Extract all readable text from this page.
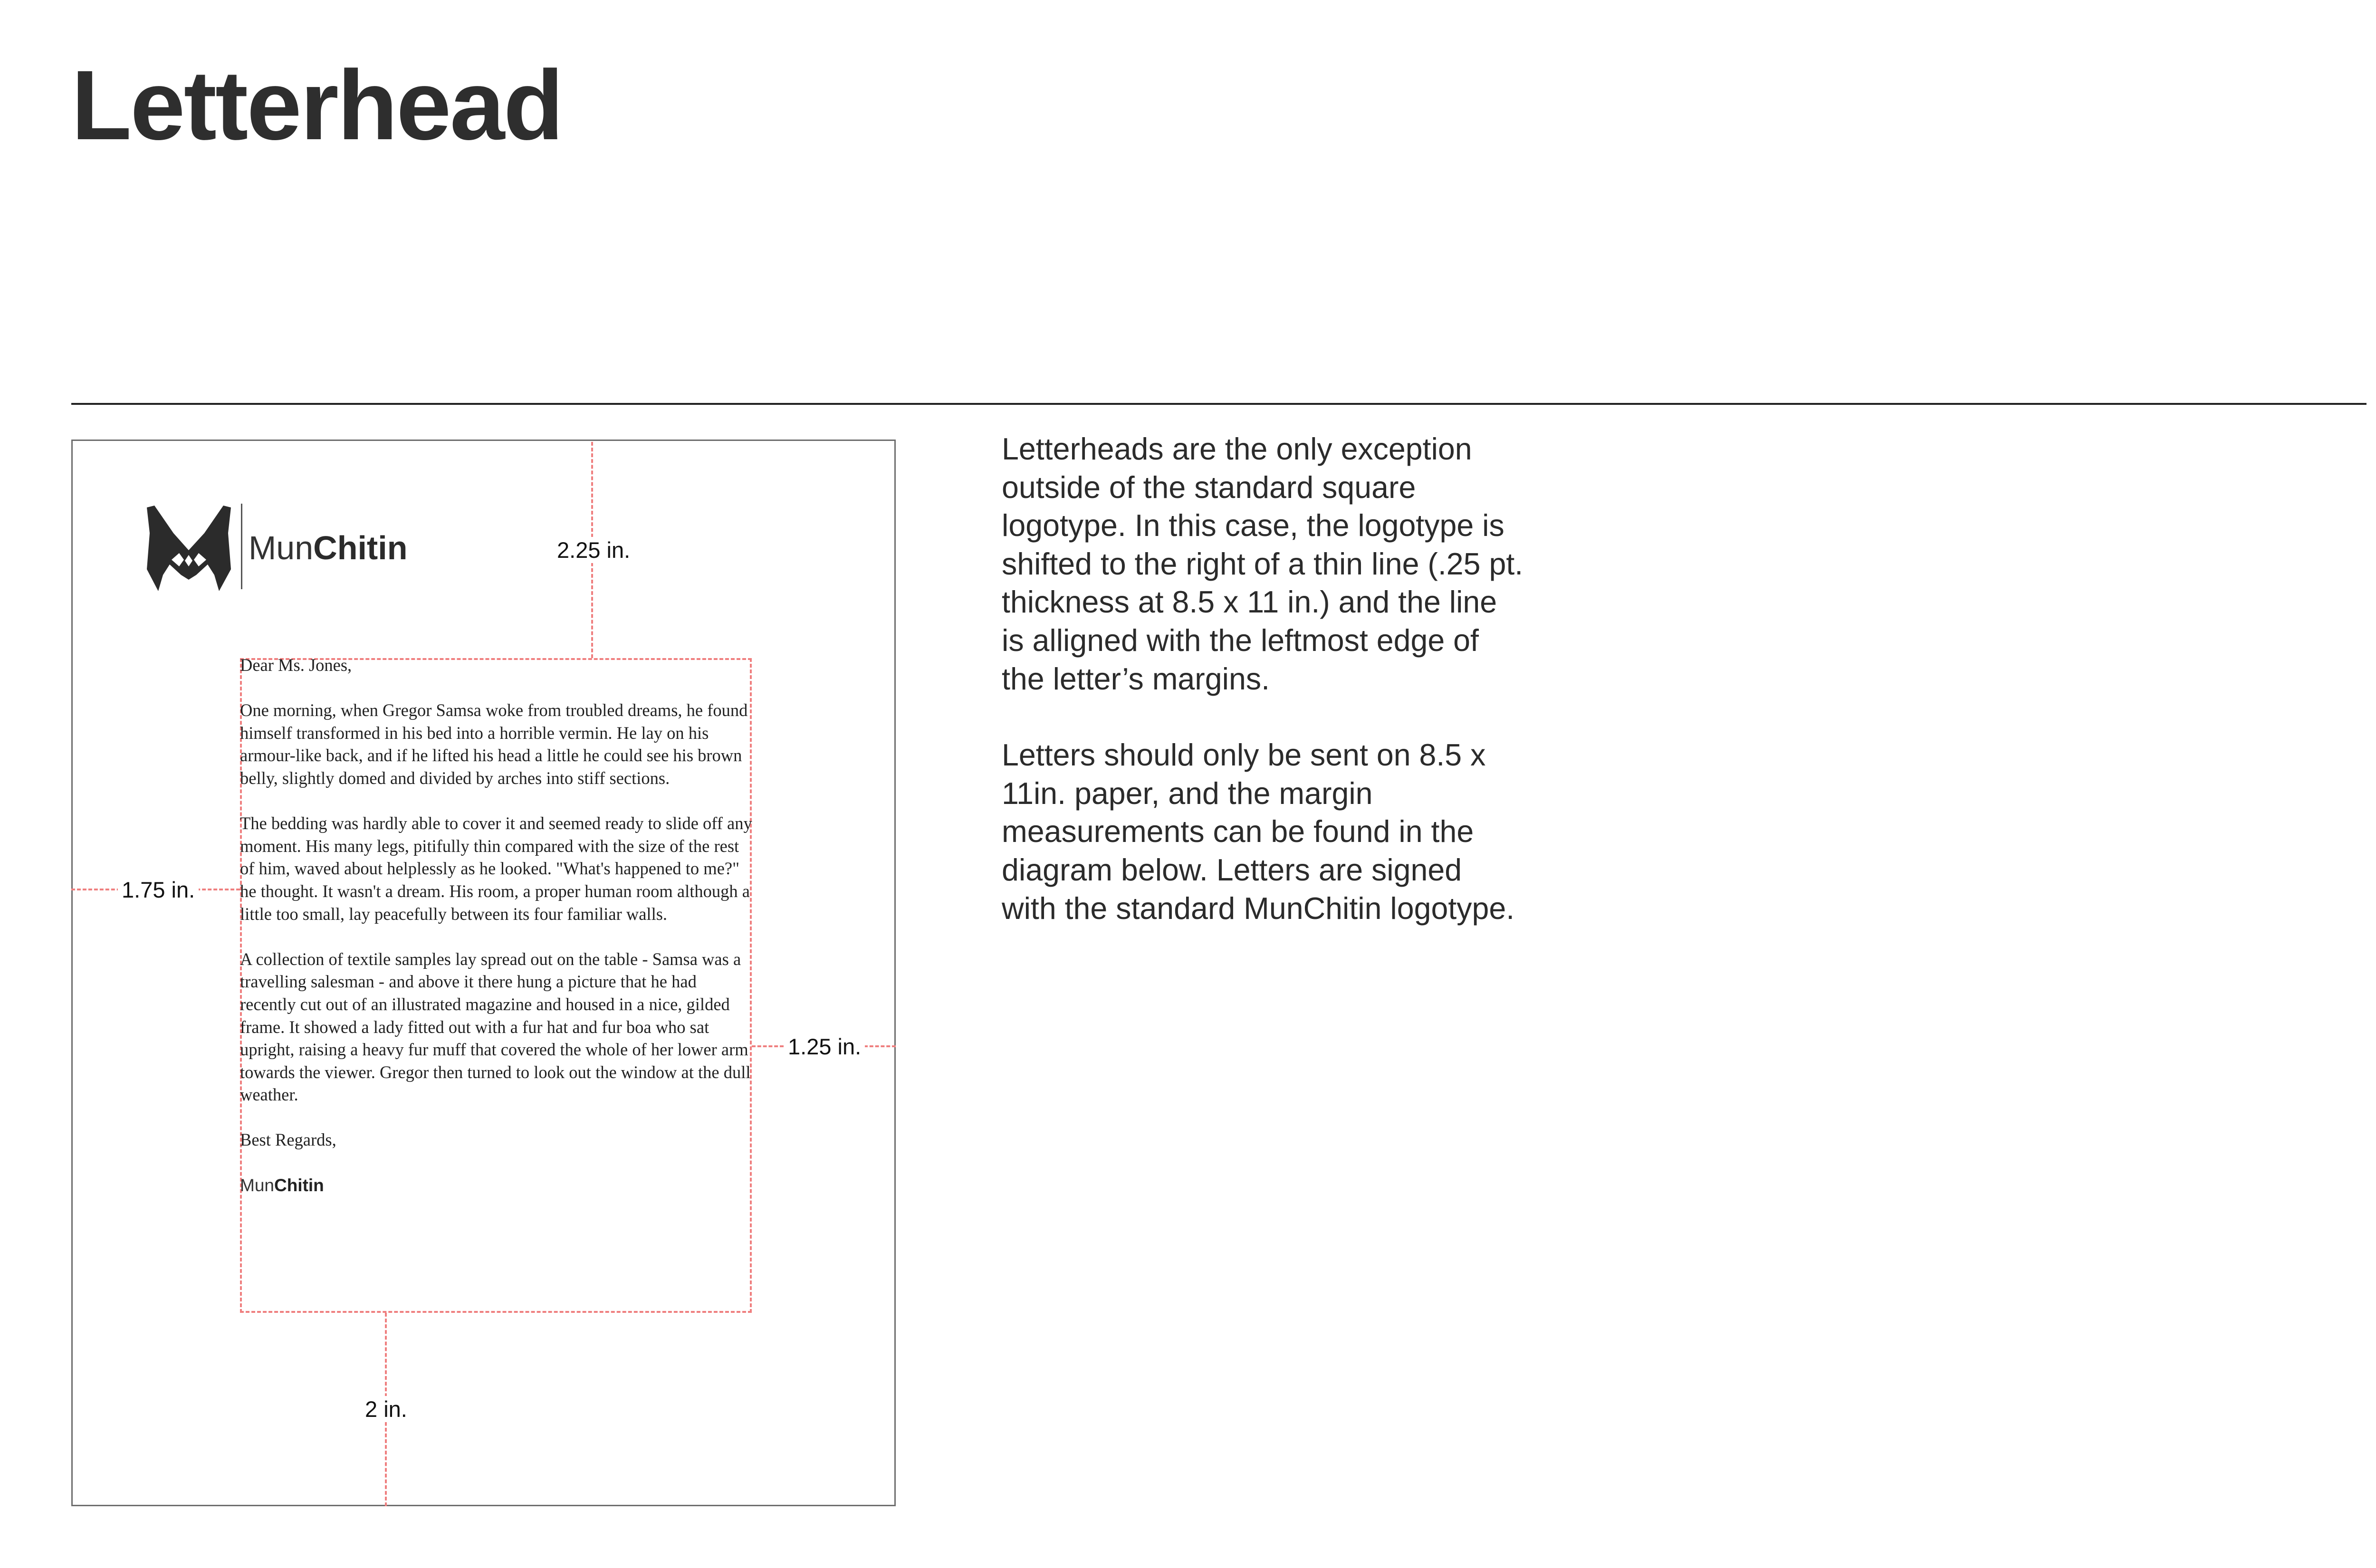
Letterhead
2.25 in.
1.75 in.
1.25 in.
2 in.
MunChitin

Dear Ms. Jones,

One morning, when Gregor Samsa woke from troubled dreams, he found himself transformed in his bed into a horrible vermin. He lay on his armour-like back, and if he lifted his head a little he could see his brown belly, slightly domed and divided by arches into stiff sections.

The bedding was hardly able to cover it and seemed ready to slide off any moment. His many legs, pitifully thin compared with the size of the rest of him, waved about helplessly as he looked. "What's happened to me?" he thought. It wasn't a dream. His room, a proper human room although a little too small, lay peacefully between its four familiar walls.

A collection of textile samples lay spread out on the table - Samsa was a travelling salesman - and above it there hung a picture that he had recently cut out of an illustrated magazine and housed in a nice, gilded frame. It showed a lady fitted out with a fur hat and fur boa who sat upright, raising a heavy fur muff that covered the whole of her lower arm towards the viewer. Gregor then turned to look out the window at the dull weather.

Best Regards,

MunChitin

Letterheads are the only exception outside of the standard square logotype. In this case, the logotype is shifted to the right of a thin line (.25 pt. thickness at 8.5 x 11 in.) and the line is alligned with the leftmost edge of the letter’s margins.

Letters should only be sent on 8.5 x 11in. paper, and the margin measurements can be found in the diagram below. Letters are signed with the standard MunChitin logotype.
